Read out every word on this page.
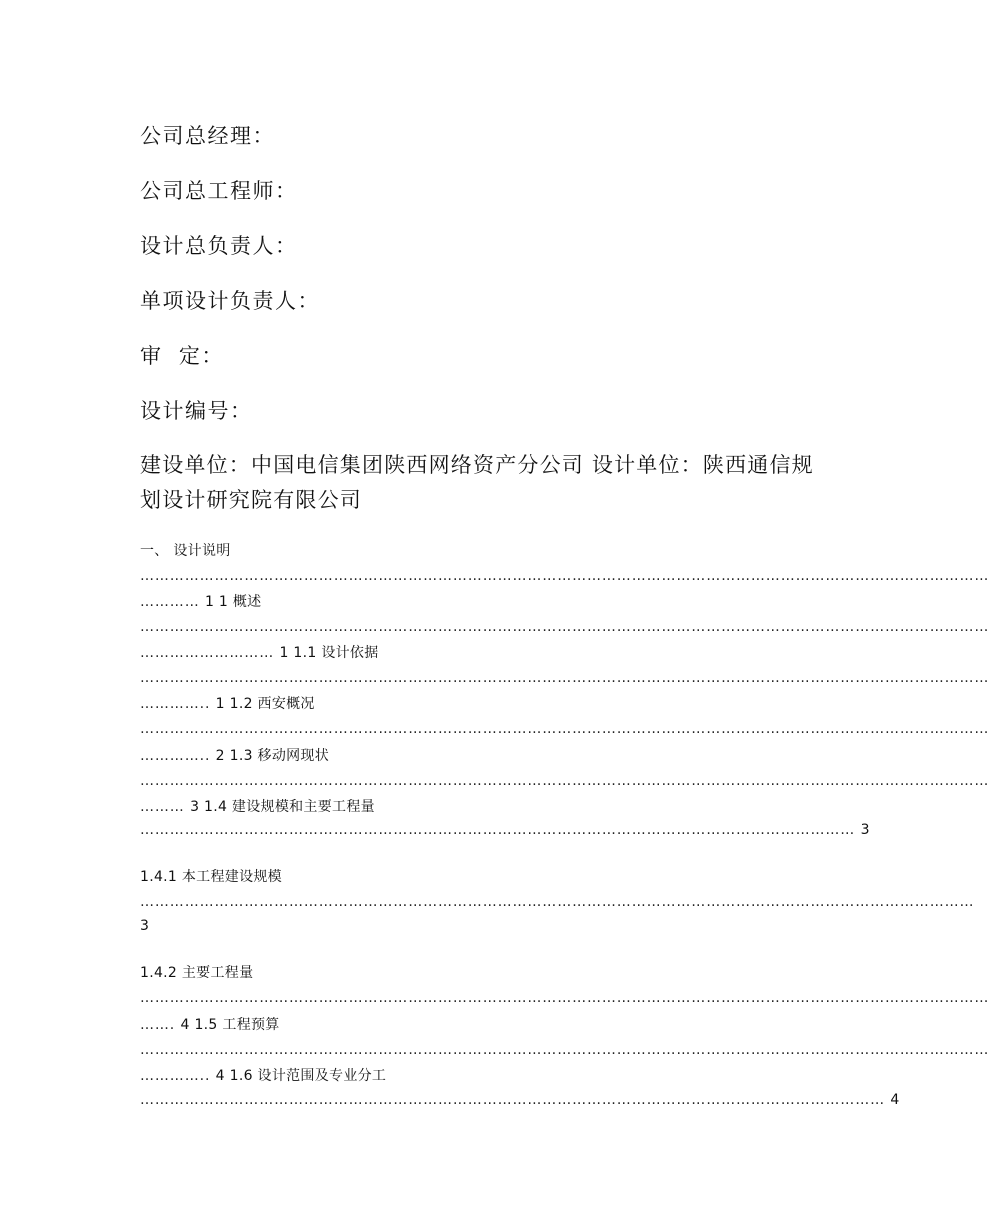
公司总经理：
公司总工程师：
设计总负责人：
单项设计负责人：
审  定：
设计编号：
建设单位：中国电信集团陕西网络资产分公司 设计单位：陕西通信规划设计研究院有限公司
一、 设计说明
………………………………………………………………………………………………………………………………………………………
………… 1 1 概述
………………………………………………………………………………………………………………………………………………………
……………………… 1 1.1 设计依据
………………………………………………………………………………………………………………………………………………………
………….. 1 1.2 西安概况
………………………………………………………………………………………………………………………………………………………
………….. 2 1.3 移动网现状
………………………………………………………………………………………………………………………………………………………
……… 3 1.4 建设规模和主要工程量
……………………………………………………………………………………………………………………………… 3
1.4.1 本工程建设规模
……………………………………………………………………………………………………………………………………………………
3
1.4.2 主要工程量
………………………………………………………………………………………………………………………………………………………
……. 4 1.5 工程预算
………………………………………………………………………………………………………………………………………………………
………….. 4 1.6 设计范围及专业分工
…………………………………………………………………………………………………………………………………… 4
